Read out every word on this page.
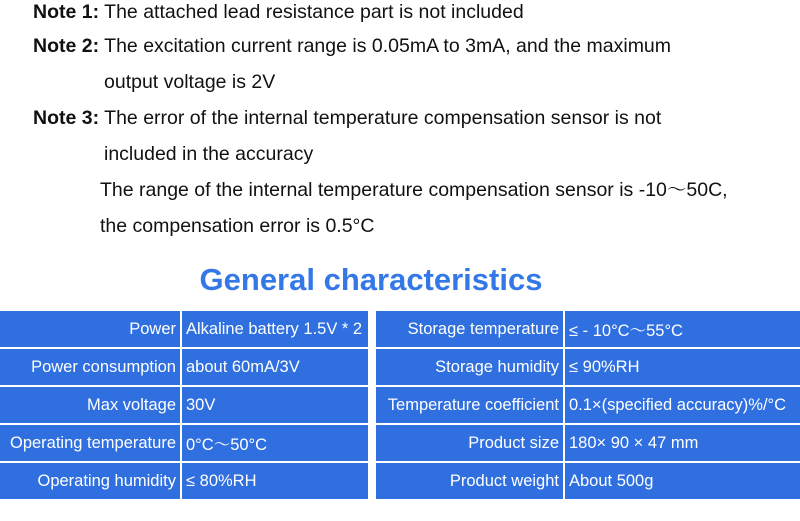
Note 1: The attached lead resistance part is not included
Note 2: The excitation current range is 0.05mA to 3mA, and the maximum
output voltage is 2V
Note 3: The error of the internal temperature compensation sensor is not
included in the accuracy
The range of the internal temperature compensation sensor is -10～50C,
the compensation error is 0.5°C
General characteristics
Power	Alkaline battery 1.5V * 2		Storage temperature	≤ - 10°C～55°C
Power consumption	about 60mA/3V		Storage humidity	≤ 90%RH
Max voltage	30V		Temperature coefficient	0.1×(specified accuracy)%/°C
Operating temperature	0°C～50°C		Product size	180× 90 × 47 mm
Operating humidity	≤ 80%RH		Product weight	About 500g
